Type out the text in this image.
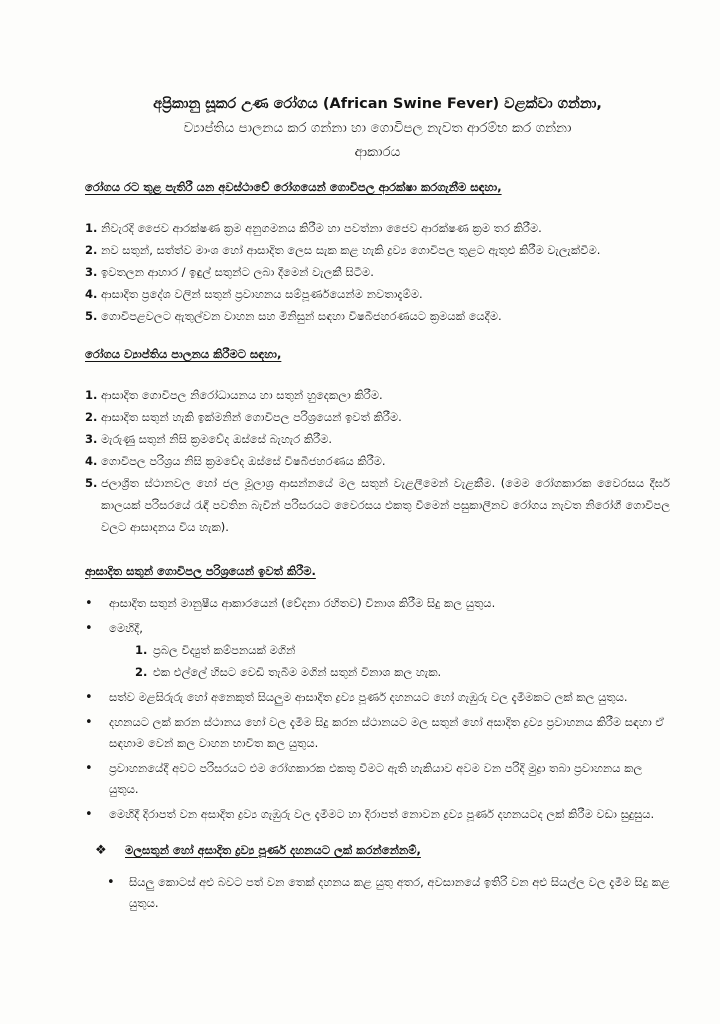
අප්‍රිකානු සූකර උණ රෝගය (African Swine Fever) වළක්වා ගන්නා,
ව්‍යාප්තිය පාලනය කර ගන්නා හා ගොවිපල නැවත ආරම්භ කර ගන්නා
ආකාරය

රෝගය රට තුළ පැතිරී යන අවස්ථාවේ රෝගයෙන් ගොවිපල ආරක්ෂා කරගැනීම සඳහා,

1. නිවැරදි ජෛව ආරක්ෂණ ක්‍රම අනුගමනය කිරීම හා පවත්නා ජෛව ආරක්ෂණ ක්‍රම තර කිරීම.
2. නව සතුන්, සත්ත්ව මාංශ හෝ ආසාදිත ලෙස සැක කළ හැකි ද්‍රව්‍ය ගොවිපල තුළට ඇතුළු කිරීම වැලැක්වීම.
3. ඉවතලන ආහාර / ඉඳුල් සතුන්ට ලබා දීමෙන් වැලකී සිටීම.
4. ආසාදිත ප්‍රදේශ වලින් සතුන් ප්‍රවාහනය සම්පූර්ණයෙන්ම නවතාදැම්ම.
5. ගොවිපළවලට ඇතුල්වන වාහන සහ මිනිසුන් සඳහා විෂබීජහරණයට ක්‍රමයක් යෙදීම.

රෝගය ව්‍යාප්තිය පාලනය කිරීමට සඳහා,

1. ආසාදිත ගොවිපල නිරෝධායනය හා සතුන් හුදෙකලා කිරීම.
2. ආසාදිත සතුන් හැකි ඉක්මනින් ගොවිපල පරිශ්‍රයෙන් ඉවත් කිරීම.
3. මැරුණු සතුන් නිසි ක්‍රමවේද ඔස්සේ බැහැර කිරීම.
4. ගොවිපල පරිශ්‍රය නිසි ක්‍රමවේද ඔස්සේ විෂබීජහරණය කිරීම.
5. ජලාශ්‍රිත ස්ථානවල හෝ ජල මූලාශ්‍ර ආසන්නයේ මල සතුන් වැළලීමෙන් වැළකීම. (මෙම රෝගකාරක වෛරසය දීර්ඝ කාලයක් පරිසරයේ රැඳී පවතින බැවින් පරිසරයට වෛරසය එකතු වීමෙන් පසුකාලීනව රෝගය නැවත නිරෝගී ගොවිපල වලට ආසාදනය විය හැක).

ආසාදිත සතුන් ගොවිපල පරිශ්‍රයෙන් ඉවත් කිරීම.

•	ආසාදිත සතුන් මානුෂීය ආකාරයෙන් (වේදනා රහිතව) විනාශ කිරීම සිදු කල යුතුය.
•	මෙහිදී,
1. ප්‍රබල විද්‍යුත් කම්පනයක් මගින්
2. එක එල්ලේ හිසට වෙඩි තැබීම මගින් සතුන් විනාශ කල හැක.
•	සත්ව මළසිරුරු හෝ අනෙකුත් සියලුම ආසාදිත ද්‍රව්‍ය පූර්ණ දහනයට හෝ ගැඹුරු වල දැමීමකට ලක් කල යුතුය.
•	දහනයට ලක් කරන ස්ථානය හෝ වල දැමීම සිදු කරන ස්ථානයට මල සතුන් හෝ අසාදිත ද්‍රව්‍ය ප්‍රවාහනය කිරීම සඳහා ඒ සඳහාම වෙන් කල වාහන භාවිත කල යුතුය.
•	ප්‍රවාහනයේදී අවට පරිසරයට එම රෝගකාරක එකතු වීමට ඇති හැකියාව අවම වන පරිදි මුද්‍රා තබා ප්‍රවාහනය කල යුතුය.
•	මෙහිදී දිරාපත් වන අසාදිත ද්‍රව්‍ය ගැඹුරු වල දැමීමට හා දිරාපත් නොවන ද්‍රව්‍ය පූර්ණ දහනයටද ලක් කිරීම වඩා සුදුසුය.

❖ මලසතුන් හෝ අසාදිත ද්‍රව්‍ය පූර්ණ දහනයට ලක් කරන්නේනම්,

•	සියලු කොටස් අළු බවට පත් වන තෙක් දහනය කළ යුතු අතර, අවසානයේ ඉතිරි වන අළු සියල්ල වල දැමීම සිදු කළ යුතුය.
